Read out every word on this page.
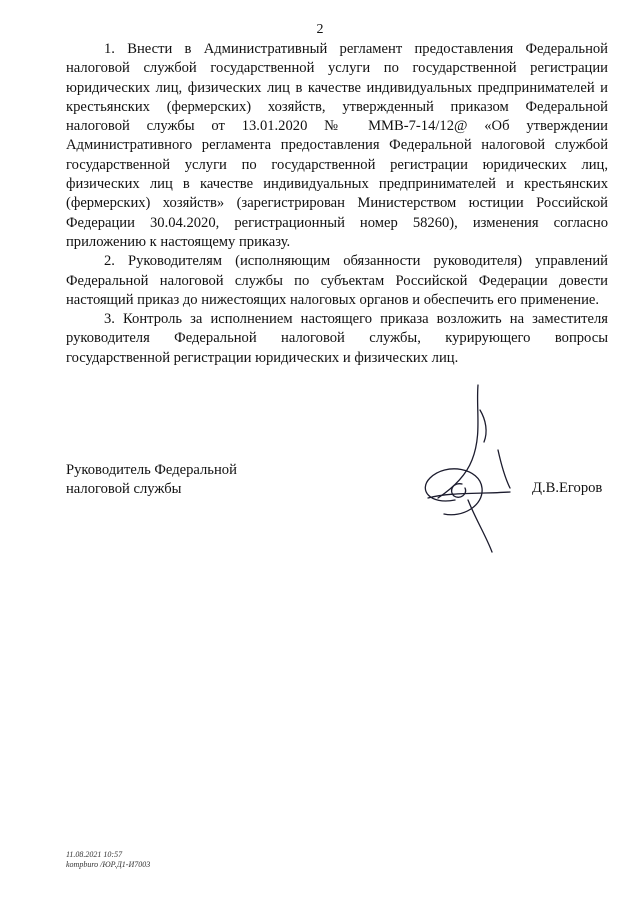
2

1. Внести в Административный регламент предоставления Федеральной налоговой службой государственной услуги по государственной регистрации юридических лиц, физических лиц в качестве индивидуальных предпринимателей и крестьянских (фермерских) хозяйств, утвержденный приказом Федеральной налоговой службы от 13.01.2020 № ММВ-7-14/12@ «Об утверждении Административного регламента предоставления Федеральной налоговой службой государственной услуги по государственной регистрации юридических лиц, физических лиц в качестве индивидуальных предпринимателей и крестьянских (фермерских) хозяйств» (зарегистрирован Министерством юстиции Российской Федерации 30.04.2020, регистрационный номер 58260), изменения согласно приложению к настоящему приказу.

2. Руководителям (исполняющим обязанности руководителя) управлений Федеральной налоговой службы по субъектам Российской Федерации довести настоящий приказ до нижестоящих налоговых органов и обеспечить его применение.

3. Контроль за исполнением настоящего приказа возложить на заместителя руководителя Федеральной налоговой службы, курирующего вопросы государственной регистрации юридических и физических лиц.

Руководитель Федеральной
налоговой службы	Д.В.Егоров
11.08.2021 10:57
kompburo /ЮР.Д1-И7003
